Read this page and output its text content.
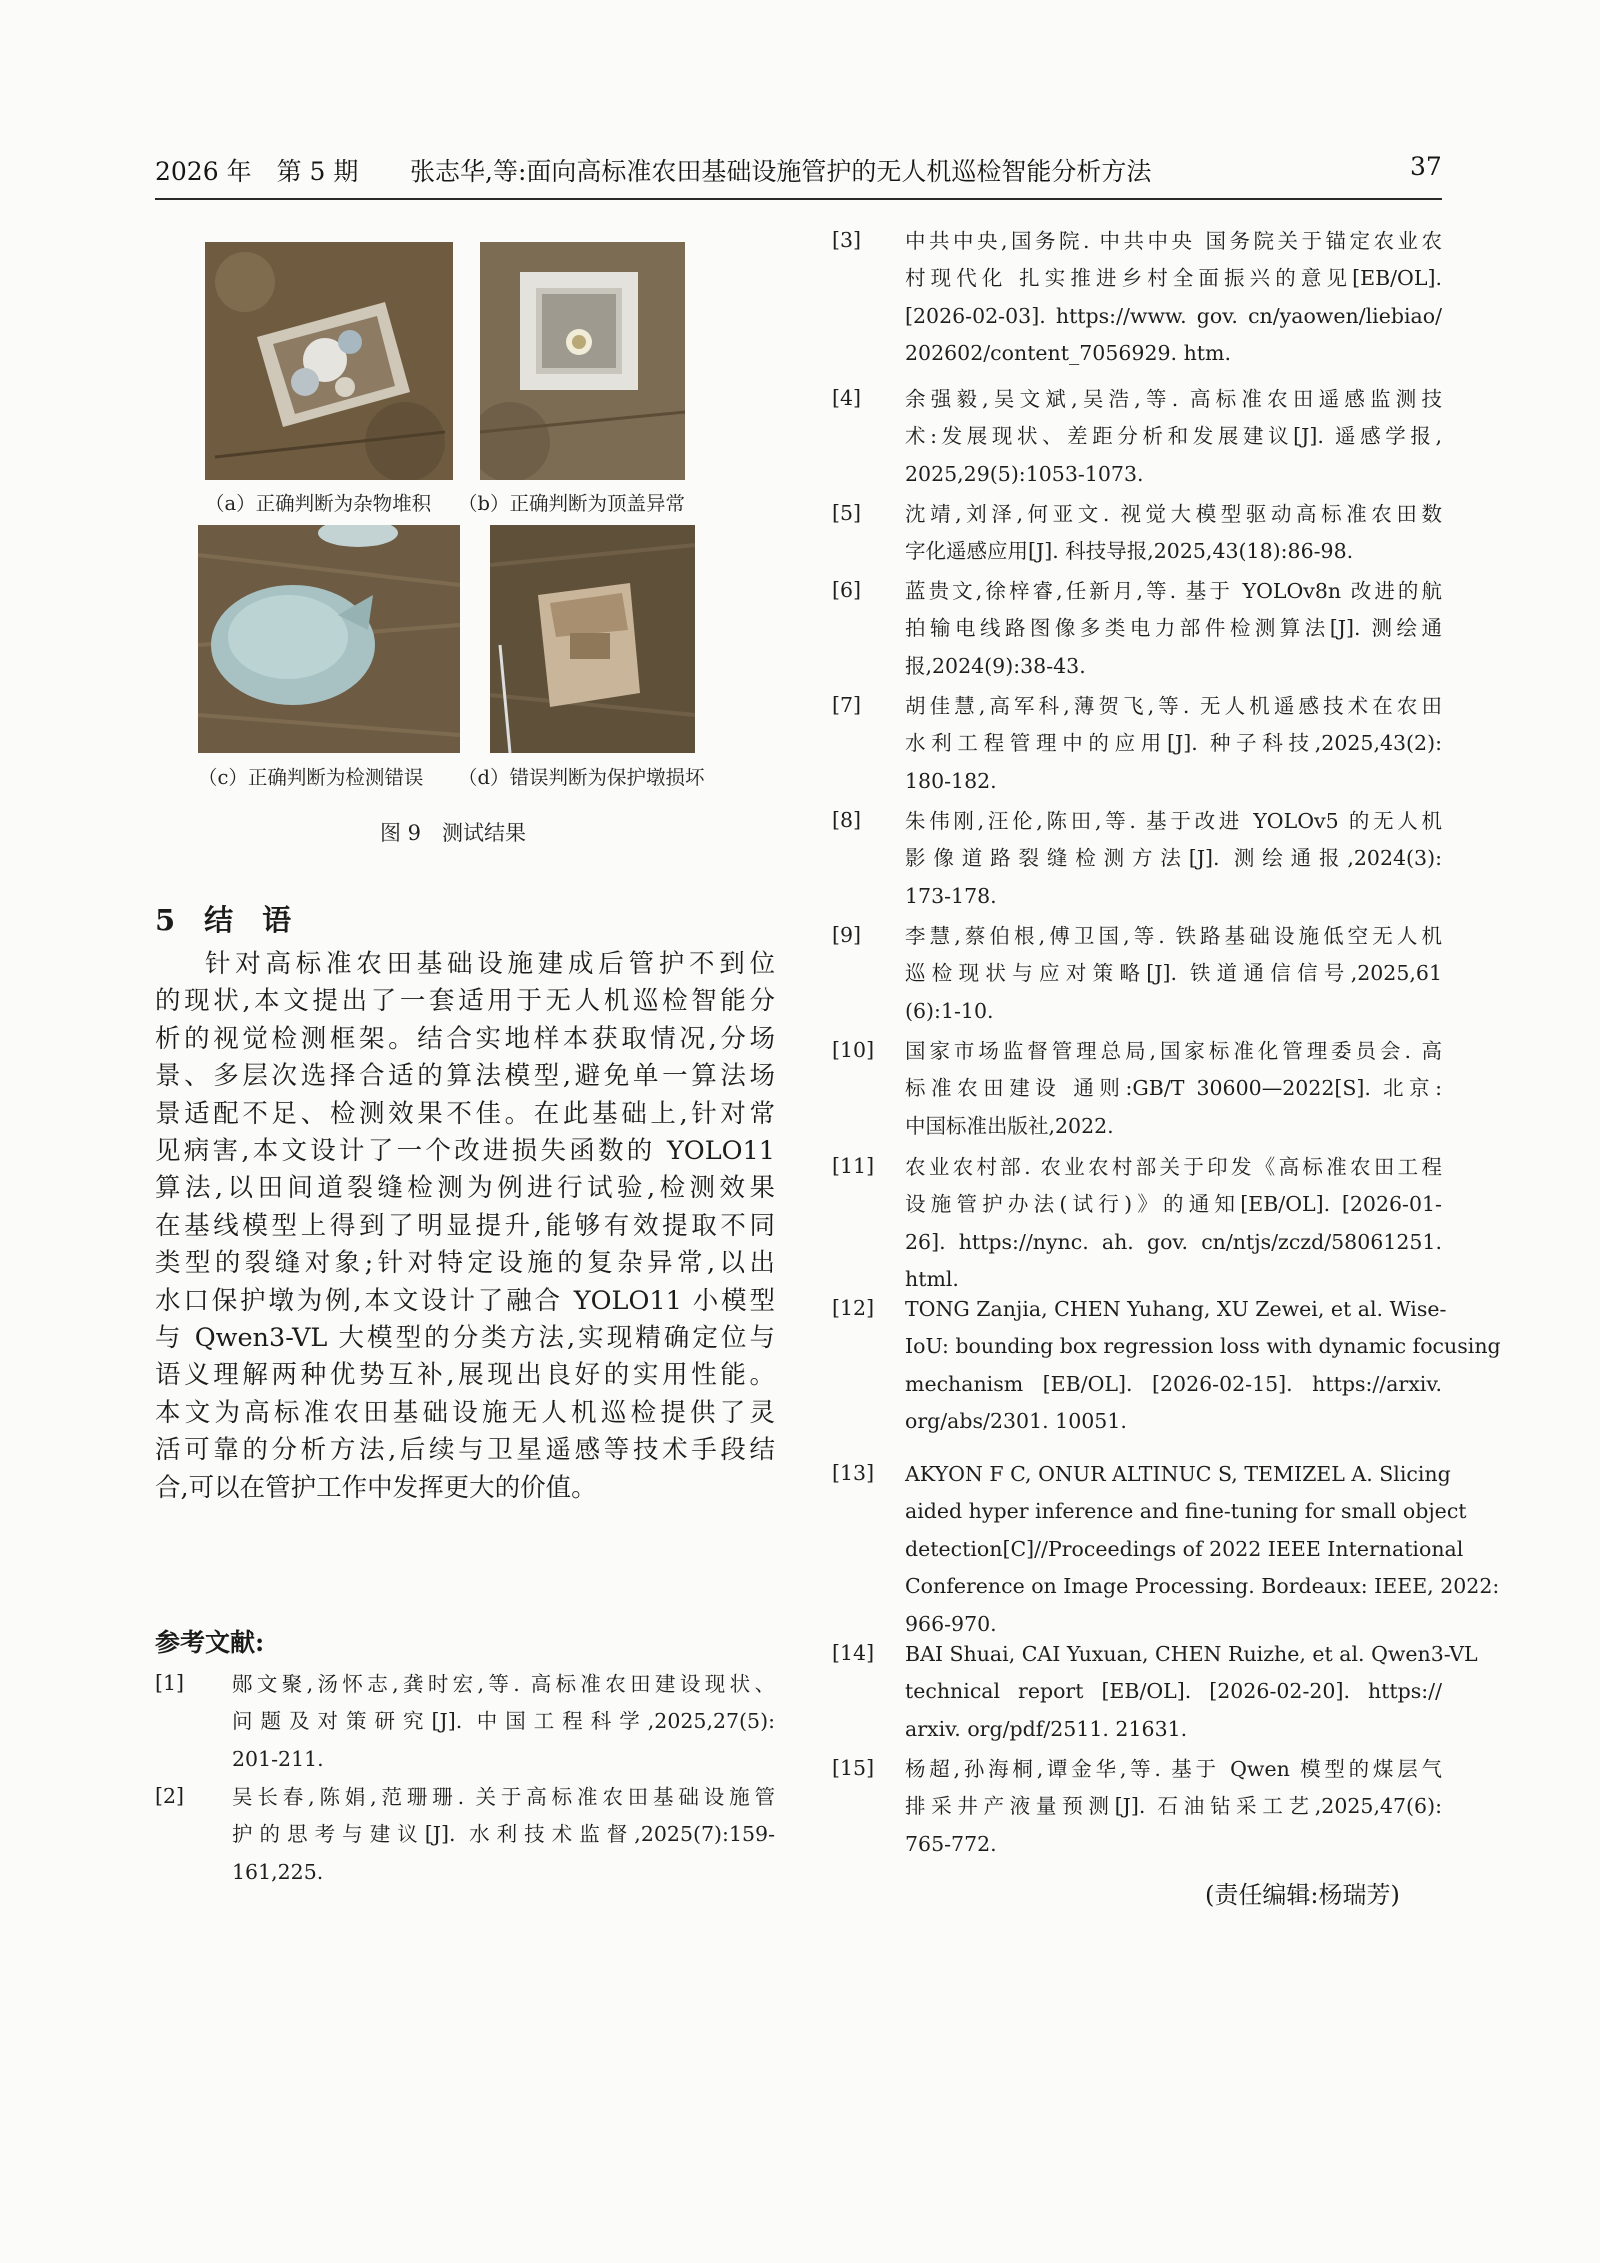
2026 年　第 5 期 张志华,等:面向高标准农田基础设施管护的无人机巡检智能分析方法	37
（a）正确判断为杂物堆积 （b）正确判断为顶盖异常
（c）正确判断为检测错误 （d）错误判断为保护墩损坏
图 9　测试结果
5　结　语
针对高标准农田基础设施建成后管护不到位
的现状,本文提出了一套适用于无人机巡检智能分
析的视觉检测框架。结合实地样本获取情况,分场
景、多层次选择合适的算法模型,避免单一算法场
景适配不足、检测效果不佳。在此基础上,针对常
见病害,本文设计了一个改进损失函数的 YOLO11
算法,以田间道裂缝检测为例进行试验,检测效果
在基线模型上得到了明显提升,能够有效提取不同
类型的裂缝对象;针对特定设施的复杂异常,以出
水口保护墩为例,本文设计了融合 YOLO11 小模型
与 Qwen3-VL 大模型的分类方法,实现精确定位与
语义理解两种优势互补,展现出良好的实用性能。
本文为高标准农田基础设施无人机巡检提供了灵
活可靠的分析方法,后续与卫星遥感等技术手段结
合,可以在管护工作中发挥更大的价值。
参考文献:
[1] 郧文聚,汤怀志,龚时宏,等. 高标准农田建设现状、
问题及对策研究[J]. 中国工程科学,2025,27(5):
201-211.
[2] 吴长春,陈娟,范珊珊. 关于高标准农田基础设施管
护的思考与建议[J]. 水利技术监督,2025(7):159-
161,225.
[3] 中共中央,国务院. 中共中央 国务院关于锚定农业农
村现代化 扎实推进乡村全面振兴的意见[EB/OL].
[2026-02-03]. https://www. gov. cn/yaowen/liebiao/
202602/content_7056929. htm.
[4] 余强毅,吴文斌,吴浩,等. 高标准农田遥感监测技
术:发展现状、差距分析和发展建议[J]. 遥感学报,
2025,29(5):1053-1073.
[5] 沈靖,刘泽,何亚文. 视觉大模型驱动高标准农田数
字化遥感应用[J]. 科技导报,2025,43(18):86-98.
[6] 蓝贵文,徐梓睿,任新月,等. 基于 YOLOv8n 改进的航
拍输电线路图像多类电力部件检测算法[J]. 测绘通
报,2024(9):38-43.
[7] 胡佳慧,高军科,薄贺飞,等. 无人机遥感技术在农田
水利工程管理中的应用[J]. 种子科技,2025,43(2):
180-182.
[8] 朱伟刚,汪伦,陈田,等. 基于改进 YOLOv5 的无人机
影像道路裂缝检测方法[J]. 测绘通报,2024(3):
173-178.
[9] 李慧,蔡伯根,傅卫国,等. 铁路基础设施低空无人机
巡检现状与应对策略[J]. 铁道通信信号,2025,61
(6):1-10.
[10] 国家市场监督管理总局,国家标准化管理委员会. 高
标准农田建设 通则:GB/T 30600—2022[S]. 北京:
中国标准出版社,2022.
[11] 农业农村部. 农业农村部关于印发《高标准农田工程
设施管护办法(试行)》的通知[EB/OL]. [2026-01-
26]. https://nync. ah. gov. cn/ntjs/zczd/58061251.
html.
[12] TONG Zanjia, CHEN Yuhang, XU Zewei, et al. Wise-
IoU: bounding box regression loss with dynamic focusing
mechanism [EB/OL]. [2026-02-15]. https://arxiv.
org/abs/2301. 10051.
[13] AKYON F C, ONUR ALTINUC S, TEMIZEL A. Slicing
aided hyper inference and fine-tuning for small object
detection[C]//Proceedings of 2022 IEEE International
Conference on Image Processing. Bordeaux: IEEE, 2022:
966-970.
[14] BAI Shuai, CAI Yuxuan, CHEN Ruizhe, et al. Qwen3-VL
technical report [EB/OL]. [2026-02-20]. https://
arxiv. org/pdf/2511. 21631.
[15] 杨超,孙海桐,谭金华,等. 基于 Qwen 模型的煤层气
排采井产液量预测[J]. 石油钻采工艺,2025,47(6):
765-772.
(责任编辑:杨瑞芳)
